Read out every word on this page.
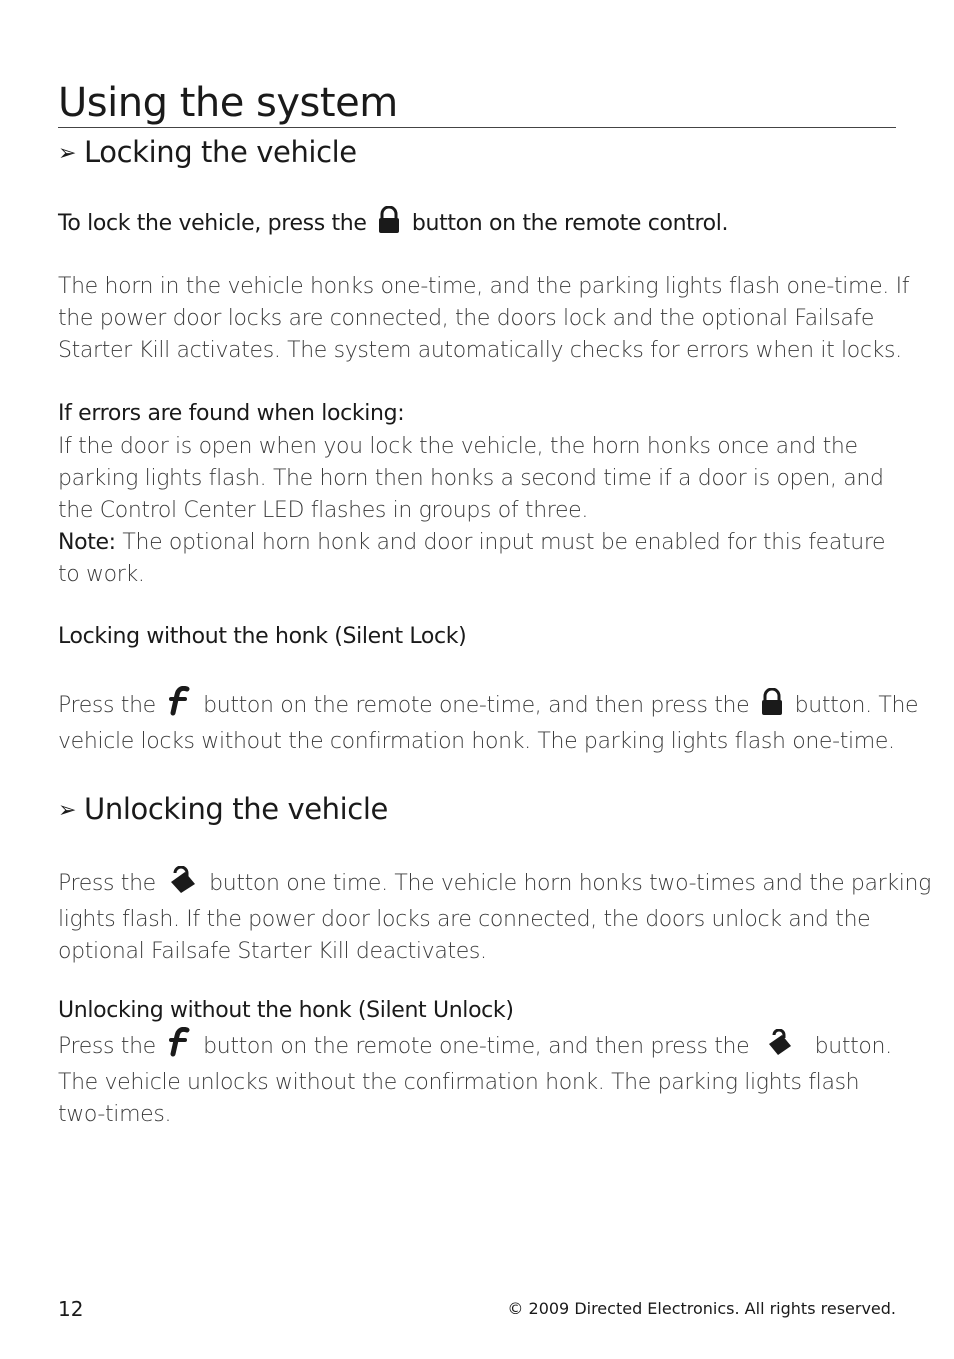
Using the system
➢ Locking the vehicle
To lock the vehicle, press the button on the remote control.
The horn in the vehicle honks one-time, and the parking lights flash one-time. If
the power door locks are connected, the doors lock and the optional Failsafe
Starter Kill activates. The system automatically checks for errors when it locks.
If errors are found when locking:
If the door is open when you lock the vehicle, the horn honks once and the
parking lights flash. The horn then honks a second time if a door is open, and
the Control Center LED flashes in groups of three.
Note: The optional horn honk and door input must be enabled for this feature
to work.
Locking without the honk (Silent Lock)
Press the button on the remote one-time, and then press the button. The
vehicle locks without the confirmation honk. The parking lights flash one-time.
➢ Unlocking the vehicle
Press the button one time. The vehicle horn honks two-times and the parking
lights flash. If the power door locks are connected, the doors unlock and the
optional Failsafe Starter Kill deactivates.
Unlocking without the honk (Silent Unlock)
Press the button on the remote one-time, and then press the	button.
The vehicle unlocks without the confirmation honk. The parking lights flash
two-times.
12	© 2009 Directed Electronics. All rights reserved.
